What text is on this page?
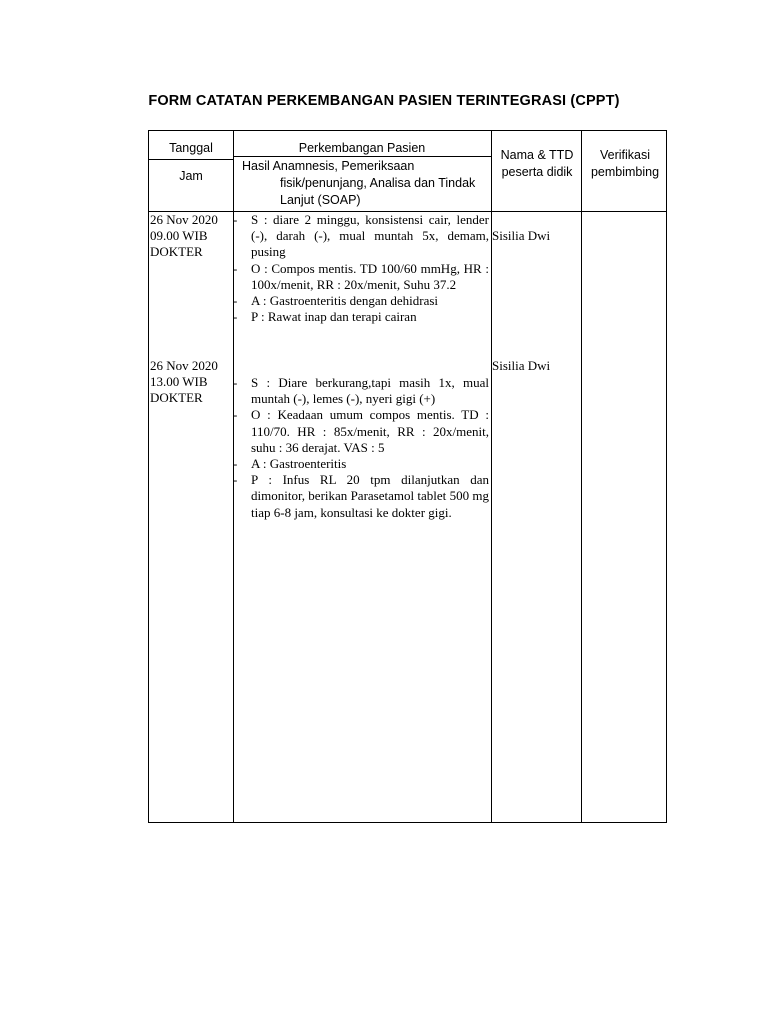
FORM CATATAN PERKEMBANGAN PASIEN TERINTEGRASI (CPPT)
Tanggal
Jam
Perkembangan Pasien
Hasil Anamnesis, Pemeriksaan
fisik/penunjang, Analisa dan Tindak
Lanjut (SOAP)
Nama & TTD peserta didik
Verifikasi pembimbing
26 Nov 2020
09.00 WIB
DOKTER
- S : diare 2 minggu, konsistensi cair, lender (-), darah (-), mual muntah 5x, demam, pusing
- O : Compos mentis. TD 100/60 mmHg, HR : 100x/menit, RR : 20x/menit, Suhu 37.2
- A : Gastroenteritis dengan dehidrasi
- P : Rawat inap dan terapi cairan
Sisilia Dwi
26 Nov 2020
13.00 WIB
DOKTER
- S : Diare berkurang,tapi masih 1x, mual muntah (-), lemes (-), nyeri gigi (+)
- O : Keadaan umum compos mentis. TD : 110/70. HR : 85x/menit, RR : 20x/menit, suhu : 36 derajat. VAS : 5
- A : Gastroenteritis
- P : Infus RL 20 tpm dilanjutkan dan dimonitor, berikan Parasetamol tablet 500 mg tiap 6-8 jam, konsultasi ke dokter gigi.
Sisilia Dwi
